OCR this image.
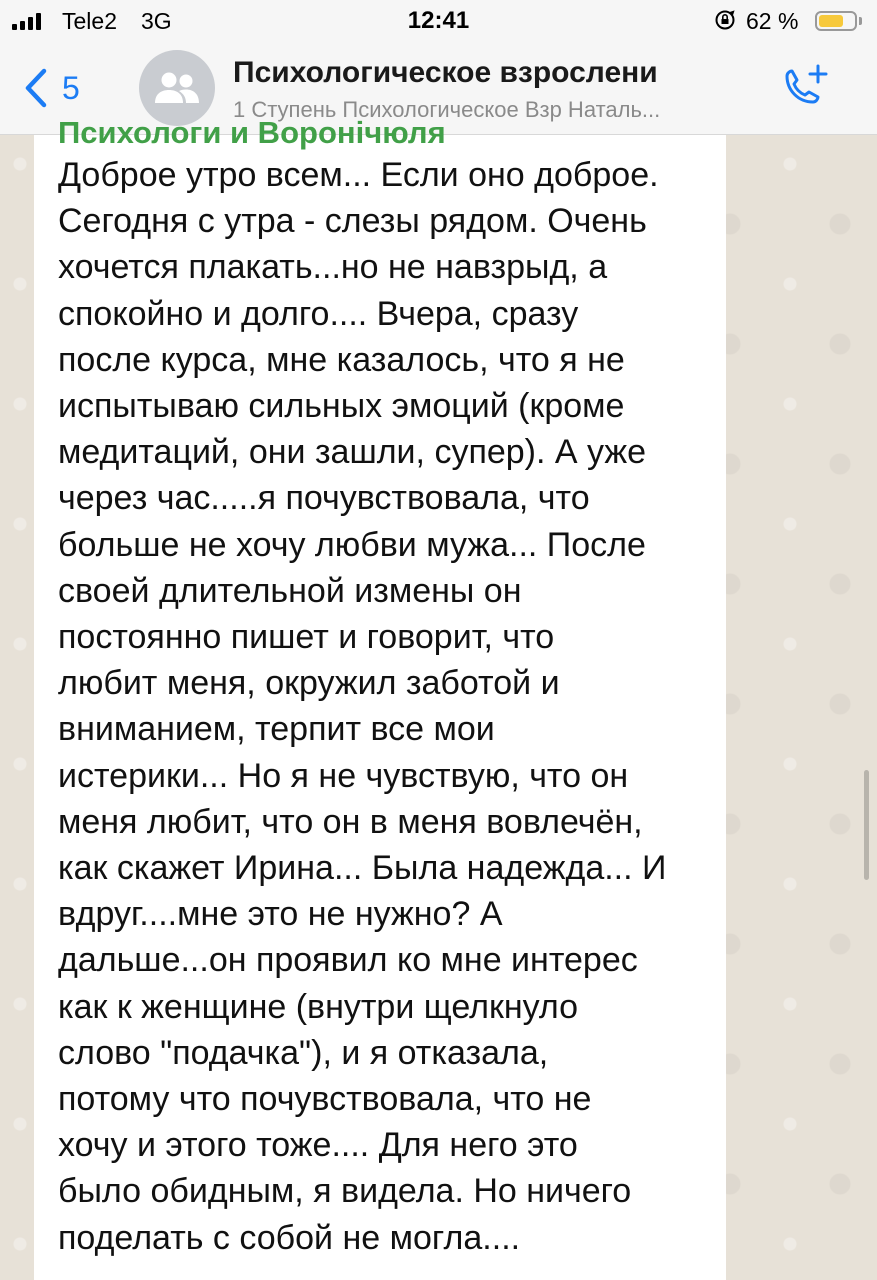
Tele2 3G	12:41	62 %
5	Психологическое взрослени
1 Ступень Психологическое Взр Наталь...
Психологи и Воронічюля
Доброе утро всем... Если оно доброе.
Сегодня с утра - слезы рядом. Очень
хочется плакать...но не навзрыд, а
спокойно и долго.... Вчера, сразу
после курса, мне казалось, что я не
испытываю сильных эмоций (кроме
медитаций, они зашли, супер). А уже
через час.....я почувствовала, что
больше не хочу любви мужа... После
своей длительной измены он
постоянно пишет и говорит, что
любит меня, окружил заботой и
вниманием, терпит все мои
истерики... Но я не чувствую, что он
меня любит, что он в меня вовлечён,
как скажет Ирина... Была надежда... И
вдруг....мне это не нужно? А
дальше...он проявил ко мне интерес
как к женщине (внутри щелкнуло
слово "подачка"), и я отказала,
потому что почувствовала, что не
хочу и этого тоже.... Для него это
было обидным, я видела. Но ничего
поделать с собой не могла....
